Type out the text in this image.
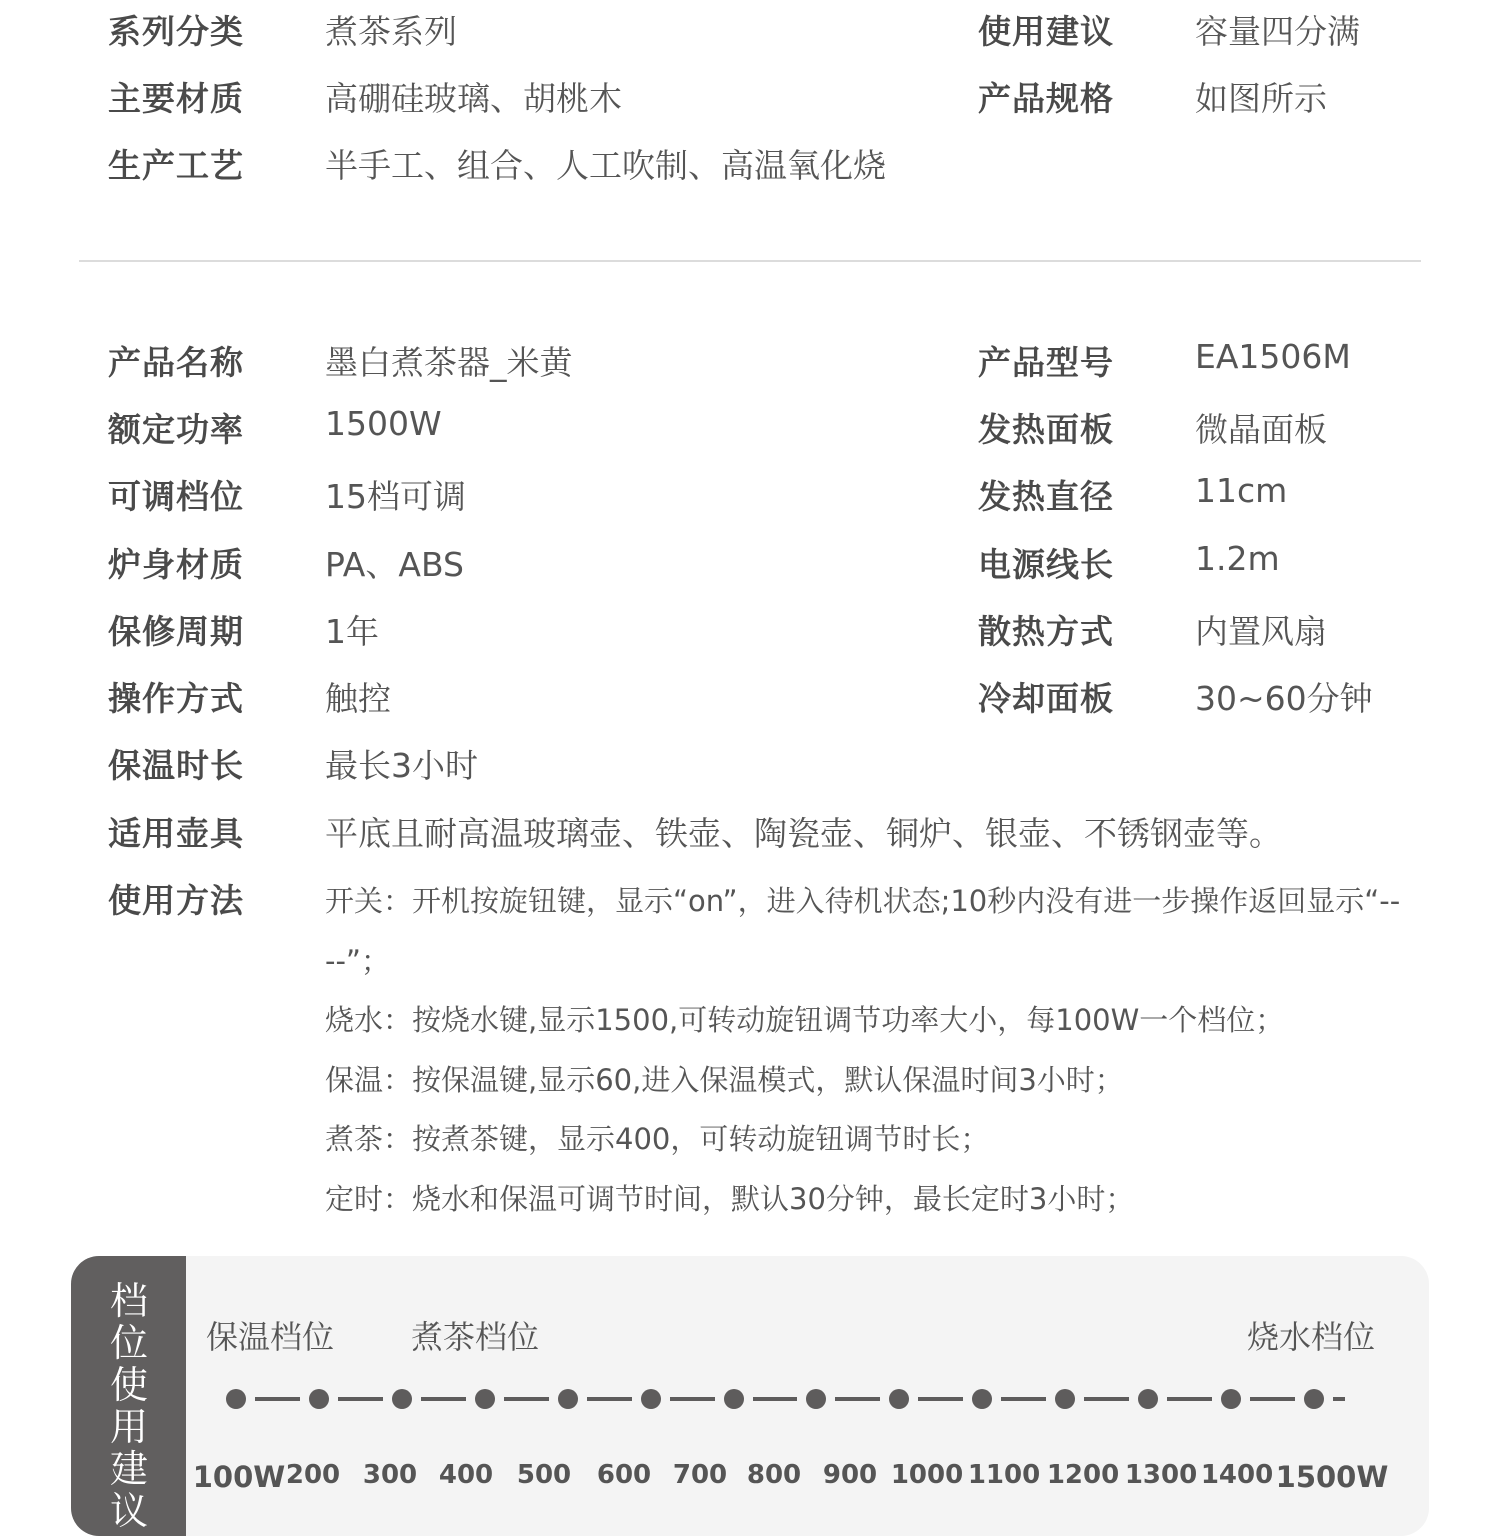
系列分类 煮茶系列
主要材质 高硼硅玻璃、胡桃木
生产工艺 半手工、组合、人工吹制、高温氧化烧
使用建议 容量四分满
产品规格 如图所示
产品名称 墨白煮茶器_米黄
额定功率 1500W
可调档位 15档可调
炉身材质 PA、ABS
保修周期 1年
操作方式 触控
保温时长 最长3小时
适用壶具 平底且耐高温玻璃壶、铁壶、陶瓷壶、铜炉、银壶、不锈钢壶等。
产品型号 EA1506M
发热面板 微晶面板
发热直径 11cm
电源线长 1.2m
散热方式 内置风扇
冷却面板 30~60分钟
使用方法	开关：开机按旋钮键，显示“on”，进入待机状态;10秒内没有进一步操作返回显示“----”；
烧水：按烧水键,显示1500,可转动旋钮调节功率大小，每100W一个档位；
保温：按保温键,显示60,进入保温模式，默认保温时间3小时；
煮茶：按煮茶键，显示400，可转动旋钮调节时长；
定时：烧水和保温可调节时间，默认30分钟，最长定时3小时；
档位使用建议
保温档位 煮茶档位	烧水档位
100W 200 300 400 500 600 700 800 900 1000 1100 1200 1300 1400 1500W
